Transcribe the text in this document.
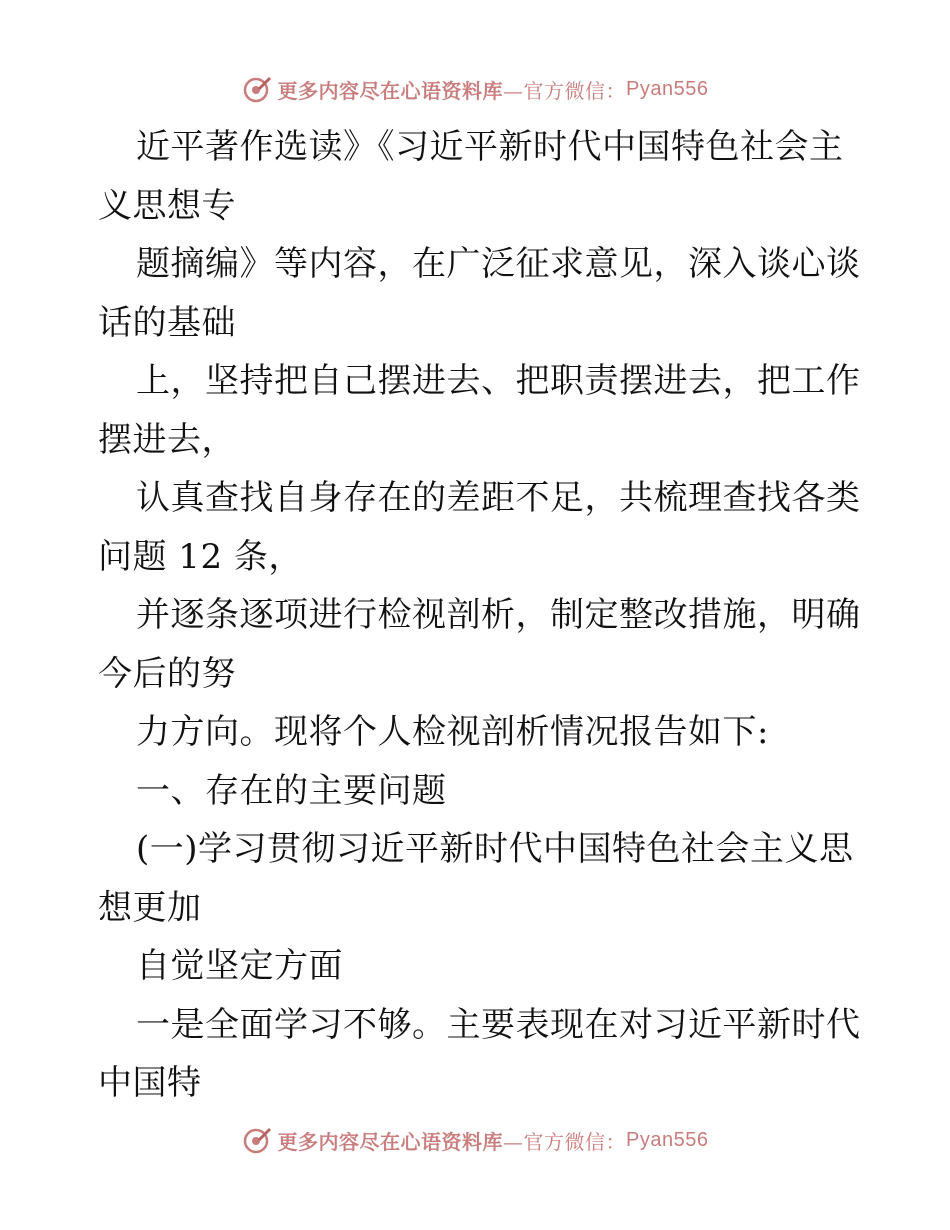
更多内容尽在心语资料库 —官方微信： Pyan556
近平著作选读》《习近平新时代中国特色社会主
义思想专
题摘编》等内容，在广泛征求意见，深入谈心谈
话的基础
上，坚持把自己摆进去、把职责摆进去，把工作
摆进去，
认真查找自身存在的差距不足，共梳理查找各类
问题 12 条，
并逐条逐项进行检视剖析，制定整改措施，明确
今后的努
力方向。现将个人检视剖析情况报告如下:
一、存在的主要问题
(一)学习贯彻习近平新时代中国特色社会主义思
想更加
自觉坚定方面
一是全面学习不够。主要表现在对习近平新时代
中国特
更多内容尽在心语资料库 —官方微信： Pyan556
